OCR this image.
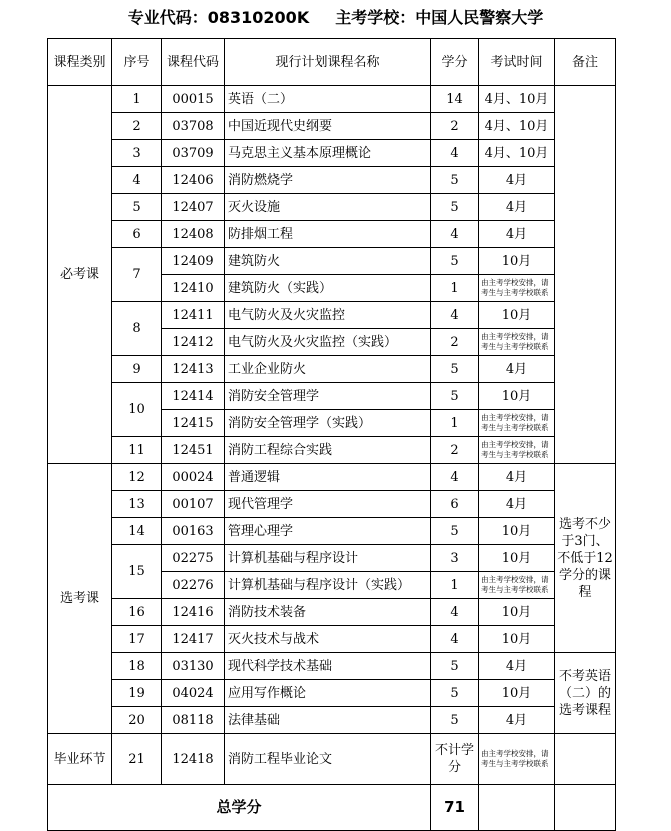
专业代码：08310200K 主考学校：中国人民警察大学
课程类别	序号	课程代码	现行计划课程名称	学分	考试时间	备注
必考课	1	00015	英语（二）	14	4月、10月	
	2	03708	中国近现代史纲要	2	4月、10月	
	3	03709	马克思主义基本原理概论	4	4月、10月	
	4	12406	消防燃烧学	5	4月	
	5	12407	灭火设施	5	4月	
	6	12408	防排烟工程	4	4月	
	7	12409	建筑防火	5	10月	
		12410	建筑防火（实践）	1	由主考学校安排，请考生与主考学校联系	
	8	12411	电气防火及火灾监控	4	10月	
		12412	电气防火及火灾监控（实践）	2	由主考学校安排，请考生与主考学校联系	
	9	12413	工业企业防火	5	4月	
	10	12414	消防安全管理学	5	10月	
		12415	消防安全管理学（实践）	1	由主考学校安排，请考生与主考学校联系	
	11	12451	消防工程综合实践	2	由主考学校安排，请考生与主考学校联系	
选考课	12	00024	普通逻辑	4	4月	选考不少于3门、不低于12学分的课程
	13	00107	现代管理学	6	4月	
	14	00163	管理心理学	5	10月	
	15	02275	计算机基础与程序设计	3	10月	
		02276	计算机基础与程序设计（实践）	1	由主考学校安排，请考生与主考学校联系	
	16	12416	消防技术装备	4	10月	
	17	12417	灭火技术与战术	4	10月	
	18	03130	现代科学技术基础	5	4月	不考英语（二）的选考课程
	19	04024	应用写作概论	5	10月	
	20	08118	法律基础	5	4月	
毕业环节	21	12418	消防工程毕业论文	不计学分	由主考学校安排，请考生与主考学校联系	
总学分				71		
